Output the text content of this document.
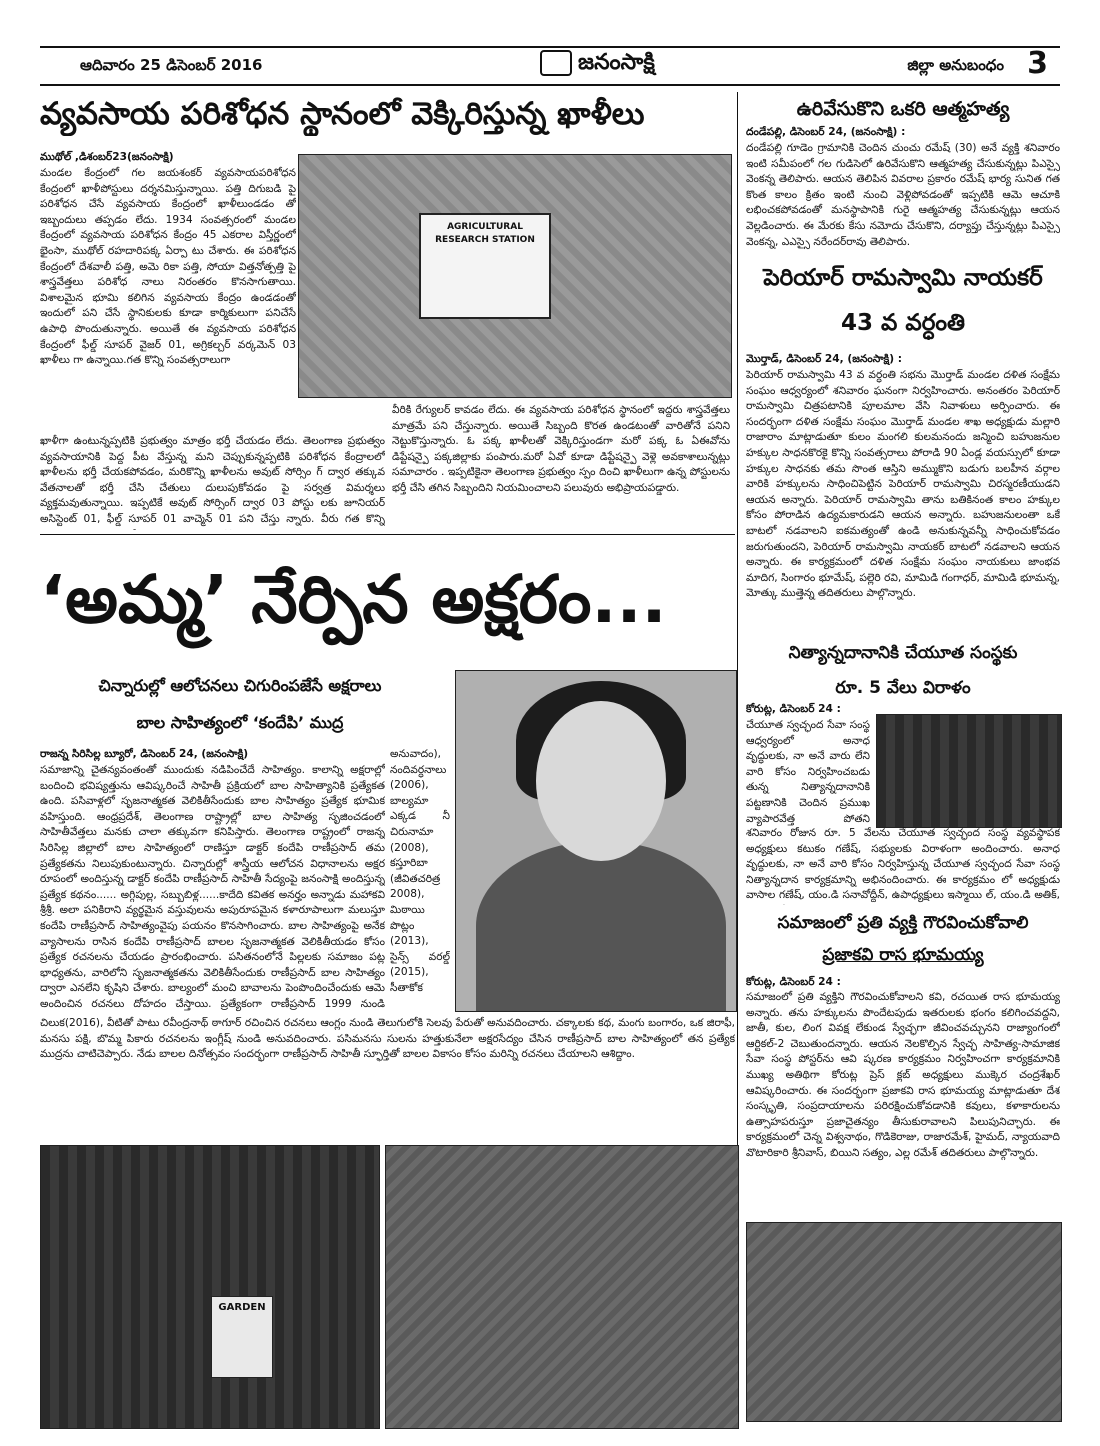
ఆదివారం 25 డిసెంబర్ 2016	జనంసాక్షి	జిల్లా అనుబంధం 3
వ్యవసాయ పరిశోధన స్థానంలో వెక్కిరిస్తున్న ఖాళీలు
ముథోల్ ,డిశంబర్23(జనంసాక్షి)
మండల కేంద్రంలో గల జయశంకర్ వ్యవసాయపరిశోధన కేంద్రంలో ఖాళీపోస్టులు దర్శనమిస్తున్నాయి. పత్తి దిగుబడి పై పరిశోధన చేసే వ్యవసాయ కేంద్రంలో ఖాళీలుండడం తో ఇబ్బందులు తప్పడం లేదు. 1934 సంవత్సరంలో మండల కేంద్రంలో వ్యవసాయ పరిశోధన కేంద్రం 45 ఎకరాల విస్తీర్ణంలో భైంసా, ముథోల్ రహదారిపక్క ఏర్పా టు చేశారు. ఈ పరిశోధన కేంద్రంలో దేశవాలీ పత్తి, అమె రికా పత్తి, సోయా విత్తనోత్పత్తి పై శాస్త్రవేత్తలు పరిశోధ నాలు నిరంతరం కొనసాగుతాయి. విశాలమైన భూమి కలిగిన వ్యవసాయ కేంద్రం ఉండడంతో ఇందులో పని చేసే స్థానికులకు కూడా కార్మికులుగా పనిచేసే ఉపాధి పొందుతున్నారు. అయితే ఈ వ్యవసాయ పరిశోధన కేంద్రంలో ఫీల్డ్ సూపర్ వైజర్ 01, అగ్రికల్చర్ వర్కమెన్ 03 ఖాళీలు గా ఉన్నాయి.గత కొన్ని సంవత్సరాలుగా
AGRICULTURAL RESEARCH STATION
ఖాళీగా ఉంటున్నప్పటికి ప్రభుత్వం మాత్రం భర్తీ చేయడం లేదు. తెలంగాణ ప్రభుత్వం వ్యవసాయానికి పెద్ద పీట వేస్తున్న మని చెప్పుకున్నప్పటికి పరిశోధన కేంద్రాలలో ఖాళీలను భర్తీ చేయకపోవడం, మరికొన్ని ఖాళీలను అవుట్ సోర్సిం గ్ ద్వార తక్కువ వేతనాలతో భర్తీ చేసి చేతులు దులుపుకోవడం పై సర్వత్ర విమర్శలు వ్యక్తమవుతున్నాయి. ఇప్పటికే అవుట్ సోర్సింగ్ ద్వార 03 పోస్టు లకు జూనియర్ అసిస్టెంట్ 01, ఫీల్డ్ సూపర్ 01 వాచ్మెన్ 01 పని చేస్తు న్నారు. వీరు గత కొన్ని
వీరికి రేగ్యులర్ కావడం లేదు. ఈ వ్యవసాయ పరిశోధన స్థానంలో ఇద్దరు శాస్త్రవేత్తలు మాత్రమే పని చేస్తున్నారు. అయితే సిబ్బంది కొరత ఉండటంతో వారితోనే పనిని నెట్టుకొస్తున్నారు. ఓ పక్క ఖాళీలతో వెక్కిరిస్తుండగా మరో పక్క ఓ ఏఈవోను డిప్టేషన్పై పక్కజిల్లాకు పంపారు.మరో ఏవో కూడా డిప్టేషన్పై వెళ్లె అవకాశాలున్నట్లు సమాచారం . ఇప్పటికైనా తెలంగాణ ప్రభుత్వం స్పం దించి ఖాళీలుగా ఉన్న పోస్టులను భర్తీ చేసి తగిన సిబ్బందిని నియమించాలని పలువురు అభిప్రాయపడ్డారు.
ఉరివేసుకొని ఒకరి ఆత్మహత్య
దండేపల్లి, డిసెంబర్ 24, (జనంసాక్షి) :
దండేపల్లి గూడెం గ్రామానికి చెందిన చుంచు రమేష్ (30) అనే వ్యక్తి శనివారం ఇంటి సమీపంలో గల గుడిసెలో ఉరివేసుకొని ఆత్మహత్య చేసుకున్నట్లు పిఎస్సై వెంకన్న తెలిపారు. ఆయన తెలిపిన వివరాల ప్రకారం రమేష్ భార్య సునిత గత కొంత కాలం క్రితం ఇంటి నుంచి వెళ్లిపోవడంతో ఇప్పటికి ఆమె ఆచూకి లభించకపోవడంతో మనస్థాపానికి గురై ఆత్మహత్య చేసుకున్నట్లు ఆయన వెల్లడించారు. ఈ మేరకు కేసు నమోదు చేసుకొని, దర్యాప్తు చేస్తున్నట్లు పిఎస్సై వెంకన్న, ఎఎస్సై నరేందర్‌రావు తెలిపారు.
పెరియార్ రామస్వామి నాయకర్
43 వ వర్ధంతి
మొర్తాడ్, డిసెంబర్ 24, (జనంసాక్షి) :
పెరియార్ రామస్వామి 43 వ వర్ధంతి సభను మొర్తాడ్ మండల దళిత సంక్షేమ సంఘం ఆధ్వర్యంలో శనివారం ఘనంగా నిర్వహించారు. అనంతరం పెరియార్ రామస్వామి చిత్రపటానికి పూలమాల వేసి నివాళులు అర్పించారు. ఈ సందర్భంగా దళిత సంక్షేమ సంఘం మొర్తాడ్ మండల శాఖ అధ్యక్షుడు మల్లారి రాజారాం మాట్లాడుతూ కులం మంగలి కులమనందు జన్మించి బహుజనుల హక్కుల సాధనకొరకై కొన్ని సంవత్సరాలు పోరాడి 90 ఏండ్ల వయస్సులో కూడా హక్కుల సాధనకు తమ సొంత ఆస్తిని అమ్ముకొని బడుగు బలహీన వర్గాల వారికి హక్కులను సాధించిపెట్టిన పెరియార్ రామస్వామి చిరస్మరణీయుడని ఆయన అన్నారు. పెరియార్ రామస్వామి తాను బతికినంత కాలం హక్కుల కోసం పోరాడిన ఉద్యమకారుడని ఆయన అన్నారు. బహుజనులంతా ఒకే బాటలో నడవాలని ఐకమత్యంతో ఉండి అనుకున్నవన్నీ సాధించుకోవడం జరుగుతుందని, పెరియార్ రామస్వామి నాయకర్ బాటలో నడవాలని ఆయన అన్నారు. ఈ కార్యక్రమంలో దళిత సంక్షేమ సంఘం నాయకులు జాంభవ మాదిగ, సింగారం భూమేష్, పల్లెరి రవి, మామిడి గంగాధర్, మామిడి భూమన్న, మోత్కు ముత్తెన్న తదితరులు పాల్గొన్నారు.
నిత్యాన్నదానానికి చేయూత సంస్థకు
రూ. 5 వేలు విరాళం
కోరుట్ల, డిసెంబర్ 24 :
చేయూత స్వచ్ఛంద సేవా సంస్థ ఆధ్వర్యంలో అనాధ వృద్ధులకు, నా అనే వారు లేని వారి కోసం నిర్వహించబడు తున్న నిత్యాన్నదానానికి పట్టణానికి చెందిన ప్రముఖ వ్యాపారవేత్త పోతని
శనివారం రోజున రూ. 5 వేలను చేయూత స్వచ్ఛంద సంస్థ వ్యవస్థాపక అధ్యక్షులు కటుకం గణేష్, సభ్యులకు విరాళంగా అందించారు. అనాధ వృద్ధులకు, నా అనే వారి కోసం నిర్వహిస్తున్న చేయూత స్వచ్ఛంద సేవా సంస్థ నిత్యాన్నదాన కార్యక్రమాన్ని అభినందించారు. ఈ కార్యక్రమం లో అధ్యక్షుడు వాసాల గణేష్, యం.డి సనావోద్దీన్, ఉపాధ్యక్షులు ఇస్మాయి ల్, యం.డి అతిక్,
సమాజంలో ప్రతి వ్యక్తి గౌరవించుకోవాలి
ప్రజాకవి రాస భూమయ్య
కోరుట్ల, డిసెంబర్ 24 :
సమాజంలో ప్రతి వ్యక్తిని గౌరవించుకోవాలని కవి, రచయిత రాస భూమయ్య అన్నారు. తను హక్కులను పొందేటపుడు ఇతరులకు భంగం కలిగించవద్దని, జాతీ, కుల, లింగ వివక్ష లేకుండ స్వేచ్ఛగా జీవించవచ్చునని రాజ్యాంగంలో ఆర్టికల్-2 చెబుతుందన్నారు. ఆయన నెలకొల్పిన స్వేచ్ఛ సాహిత్య-సామాజిక సేవా సంస్థ పోస్టర్‌ను ఆవి ష్కరణ కార్యక్రమం నిర్వహించగా కార్యక్రమానికి ముఖ్య అతిథిగా కోరుట్ల ప్రెస్ క్లబ్ అధ్యక్షులు ముక్కెర చంద్రశేఖర్ ఆవిష్కరించారు. ఈ సందర్భంగా ప్రజాకవి రాస భూమయ్య మాట్లాడుతూ దేశ సంస్కృతి, సంప్రదాయాలను పరిరక్షించుకోవడానికి కవులు, కళాకారులను ఉత్సాహపరుస్తూ ప్రజాచైతన్యం తీసుకురావాలని పిలుపునిచ్చారు. ఈ కార్యక్రమంలో చెన్న విశ్వనాథం, గొడికెరాజు, రాజారమేశ్, హైమద్, న్యాయవాది వొటారికారి శ్రీనివాస్, బియిని సత్యం, ఎల్ల రమేశ్ తదితరులు పాల్గొన్నారు.
‘అమ్మ’ నేర్పిన అక్షరం...
చిన్నారుల్లో ఆలోచనలు చిగురింపజేసే అక్షరాలు
బాల సాహిత్యంలో ‘కందేపి’ ముద్ర
రాజన్న సిరిసిల్ల బ్యూరో, డిసెంబర్ 24, (జనంసాక్షి)
సమాజాన్ని చైతన్యవంతంతో ముందుకు నడిపించేదే సాహిత్యం. కాలాన్ని అక్షరాల్లో బందించి భవిష్యత్తును ఆవిష్కరించే సాహితీ ప్రక్రియలో బాల సాహిత్యానికి ప్రత్యేకత ఉంది. పసివాళ్లలో సృజనాత్మకత వెలికితీసేందుకు బాల సాహిత్యం ప్రత్యేక భూమిక వహిస్తుంది. ఆంధ్రప్రదేశ్, తెలంగాణ రాష్ట్రాల్లో బాల సాహిత్య సృజించడంలో సాహితీవేత్తలు మనకు చాలా తక్కువగా కనిపిస్తారు. తెలంగాణ రాష్ట్రంలో రాజన్న సిరిసిల్ల జిల్లాలో బాల సాహిత్యంలో రాణిస్తూ డాక్టర్ కందేపి రాణీప్రసాద్ తమ ప్రత్యేకతను నిలుపుకుంటున్నారు. చిన్నారుల్లో శాస్త్రీయ ఆలోచన విధానాలను అక్షర రూపంలో అందిస్తున్న డాక్టర్ కందేపి రాణీప్రసాద్ సాహితీ సేద్యంపై జనంసాక్షి అందిస్తున్న ప్రత్యేక కథనం...... అగ్గిపుల్ల, సబ్బుబిళ్ల......కాదేది కవితక అనర్హం అన్నాడు మహాకవి శ్రీశ్రీ. అలా పనికిరాని వ్యర్థమైన వస్తువులను అపురూపమైన కళారూపాలుగా మలుస్తూ కందేపి రాణీప్రసాద్ సాహిత్యంవైపు పయనం కొనసాగించారు. బాల సాహిత్యంపై అనేక వ్యాసాలను రాసిన కందేపి రాణీప్రసాద్ బాలల సృజనాత్మకత వెలికితీయడం కోసం ప్రత్యేక రచనలను చేయడం ప్రారంభించారు. పసితనంలోనే పిల్లలకు సమాజం పట్ల భాధ్యతను, వారిలోని సృజనాత్మకతను వెలికితీసేందుకు రాణీప్రసాద్ బాల సాహిత్యం ద్వారా ఎనలేని కృషిని చేశారు. బాల్యంలో మంచి బావాలను పెంపొందించేందుకు ఆమె అందించిన రచనలు దోహదం చేస్తాయి. ప్రత్యేకంగా రాణీప్రసాద్ 1999 నుండి
అనువాదం), నందివర్ధనాలు (2006), బాల్యమా ఎక్కడ నీ చిరునామా (2008), కస్తూరిబా (జీవితచరిత్ర 2008), మిఠాయి పొట్లం (2013), సైన్స్ వరల్డ్ (2015), సీతాకోక
చిలుక(2016), వీటితో పాటు రవీంద్రనాథ్ ఠాగూర్ రచించిన రచనలు ఆంగ్లం నుండి తెలుగులోకి సెలవు పేరుతో అనువదించారు. చక్కాలకు కథ, మంగు బంగారం, ఒక జిరాఫీ, మనసు పక్షి, బొమ్మ పికారు రచనలను ఇంగ్లీష్ నుండి అనువదించారు. పసిమనసు సులను హత్తుకునేలా అక్షరసేద్యం చేసిన రాణీప్రసాద్ బాల సాహిత్యంలో తన ప్రత్యేక ముద్రను చాటిచెప్పారు. నేడు బాలల దినోత్సవం సందర్భంగా రాణీప్రసాద్ సాహితీ స్ఫూర్తితో బాలల వికాసం కోసం మరిన్ని రచనలు చేయాలని ఆశిద్దాం.
GARDEN
